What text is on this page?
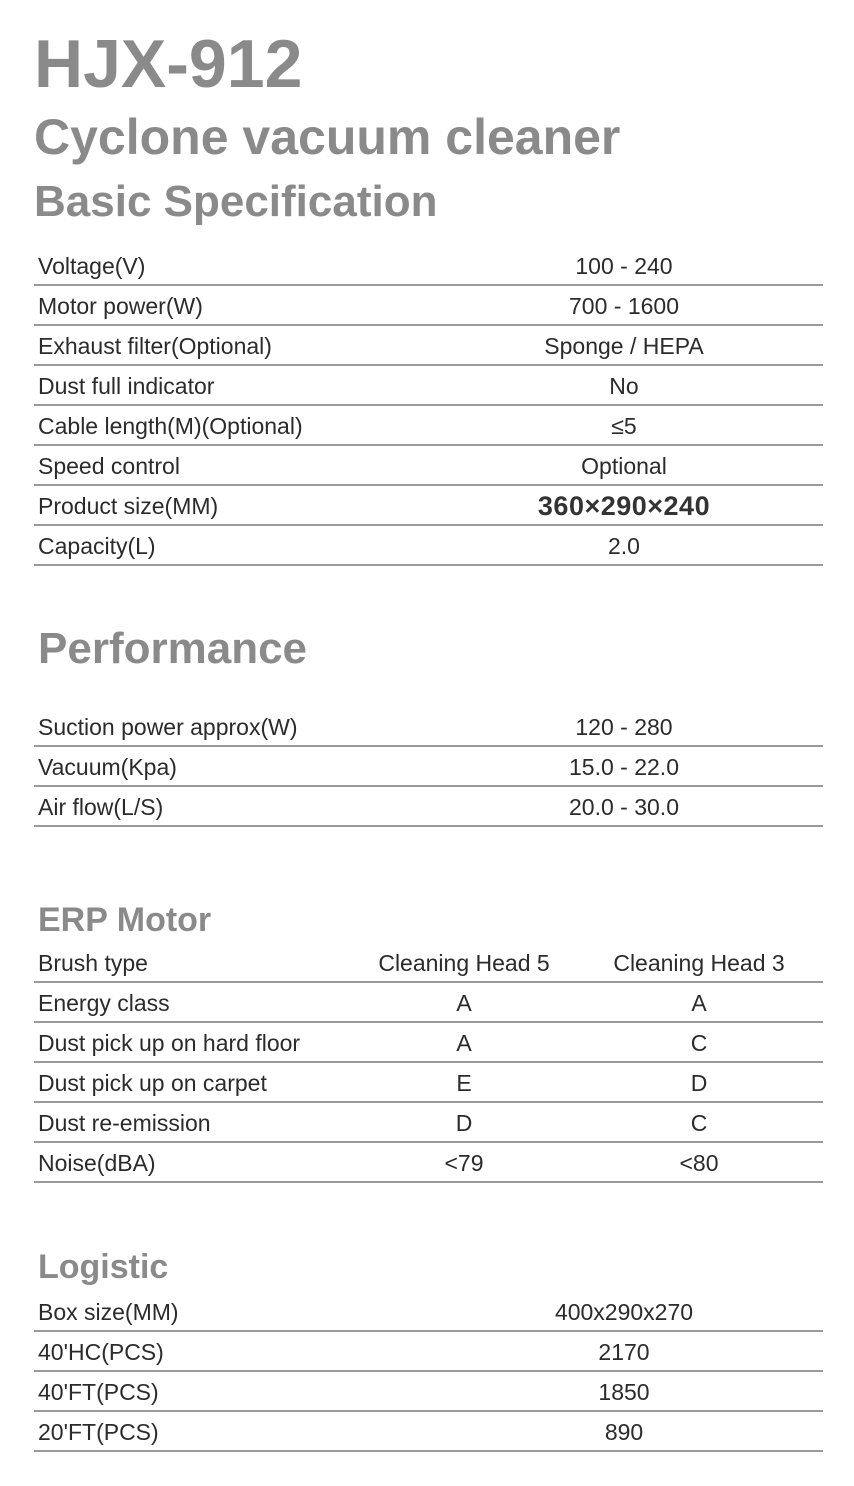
HJX-912
Cyclone vacuum cleaner
Basic Specification
Voltage(V)	100 - 240
Motor power(W)	700 - 1600
Exhaust filter(Optional)	Sponge / HEPA
Dust full indicator	No
Cable length(M)(Optional)	≤5
Speed control	Optional
Product size(MM)	360×290×240
Capacity(L)	2.0
Performance
Suction power approx(W)	120 - 280
Vacuum(Kpa)	15.0 - 22.0
Air flow(L/S)	20.0 - 30.0
ERP Motor
Brush type	Cleaning Head 5	Cleaning Head 3
Energy class	A	A
Dust pick up on hard floor	A	C
Dust pick up on carpet	E	D
Dust re-emission	D	C
Noise(dBA)	<79	<80
Logistic
Box size(MM)	400x290x270
40'HC(PCS)	2170
40'FT(PCS)	1850
20'FT(PCS)	890
